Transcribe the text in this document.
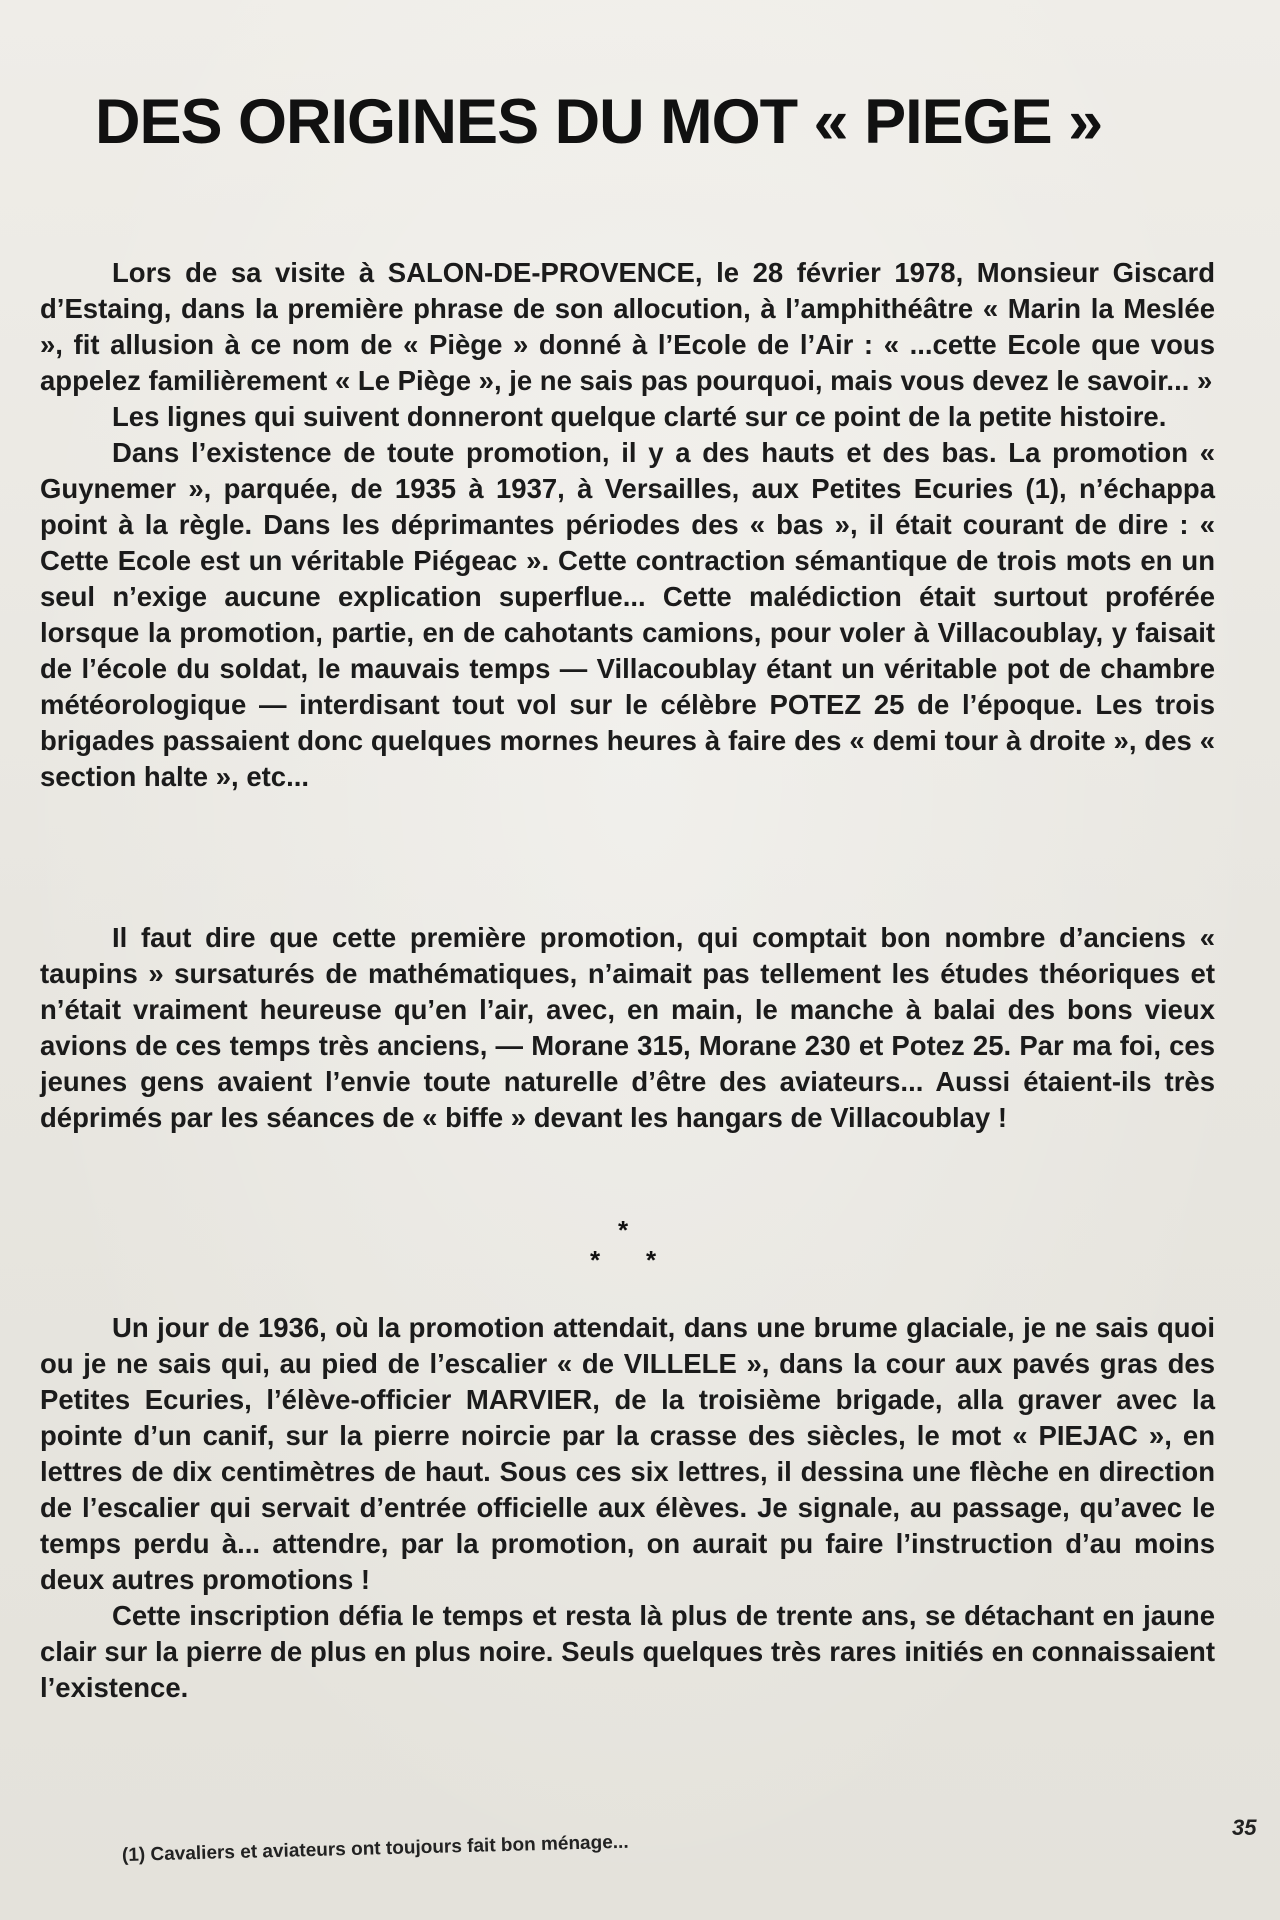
DES ORIGINES DU MOT « PIEGE »

Lors de sa visite à SALON-DE-PROVENCE, le 28 février 1978, Monsieur Giscard d’Estaing, dans la première phrase de son allocution, à l’amphithéâtre « Marin la Meslée », fit allusion à ce nom de « Piège » donné à l’Ecole de l’Air : « ...cette Ecole que vous appelez familièrement « Le Piège », je ne sais pas pourquoi, mais vous devez le savoir... »

Les lignes qui suivent donneront quelque clarté sur ce point de la petite histoire.

Dans l’existence de toute promotion, il y a des hauts et des bas. La promotion « Guynemer », parquée, de 1935 à 1937, à Versailles, aux Petites Ecuries (1), n’échappa point à la règle. Dans les déprimantes périodes des « bas », il était courant de dire : « Cette Ecole est un véritable Piégeac ». Cette contraction sémantique de trois mots en un seul n’exige aucune explication superflue... Cette malédiction était surtout proférée lorsque la promotion, partie, en de cahotants camions, pour voler à Villacoublay, y faisait de l’école du soldat, le mauvais temps — Villacoublay étant un véritable pot de chambre météorologique — interdisant tout vol sur le célèbre POTEZ 25 de l’époque. Les trois brigades passaient donc quelques mornes heures à faire des « demi tour à droite », des « section halte », etc...

Il faut dire que cette première promotion, qui comptait bon nombre d’anciens « taupins » sursaturés de mathématiques, n’aimait pas tellement les études théoriques et n’était vraiment heureuse qu’en l’air, avec, en main, le manche à balai des bons vieux avions de ces temps très anciens, — Morane 315, Morane 230 et Potez 25. Par ma foi, ces jeunes gens avaient l’envie toute naturelle d’être des aviateurs... Aussi étaient-ils très déprimés par les séances de « biffe » devant les hangars de Villacoublay !

*
* *

Un jour de 1936, où la promotion attendait, dans une brume glaciale, je ne sais quoi ou je ne sais qui, au pied de l’escalier « de VILLELE », dans la cour aux pavés gras des Petites Ecuries, l’élève-officier MARVIER, de la troisième brigade, alla graver avec la pointe d’un canif, sur la pierre noircie par la crasse des siècles, le mot « PIEJAC », en lettres de dix centimètres de haut. Sous ces six lettres, il dessina une flèche en direction de l’escalier qui servait d’entrée officielle aux élèves. Je signale, au passage, qu’avec le temps perdu à... attendre, par la promotion, on aurait pu faire l’instruction d’au moins deux autres promotions !

Cette inscription défia le temps et resta là plus de trente ans, se détachant en jaune clair sur la pierre de plus en plus noire. Seuls quelques très rares initiés en connaissaient l’existence.

35
(1) Cavaliers et aviateurs ont toujours fait bon ménage...
